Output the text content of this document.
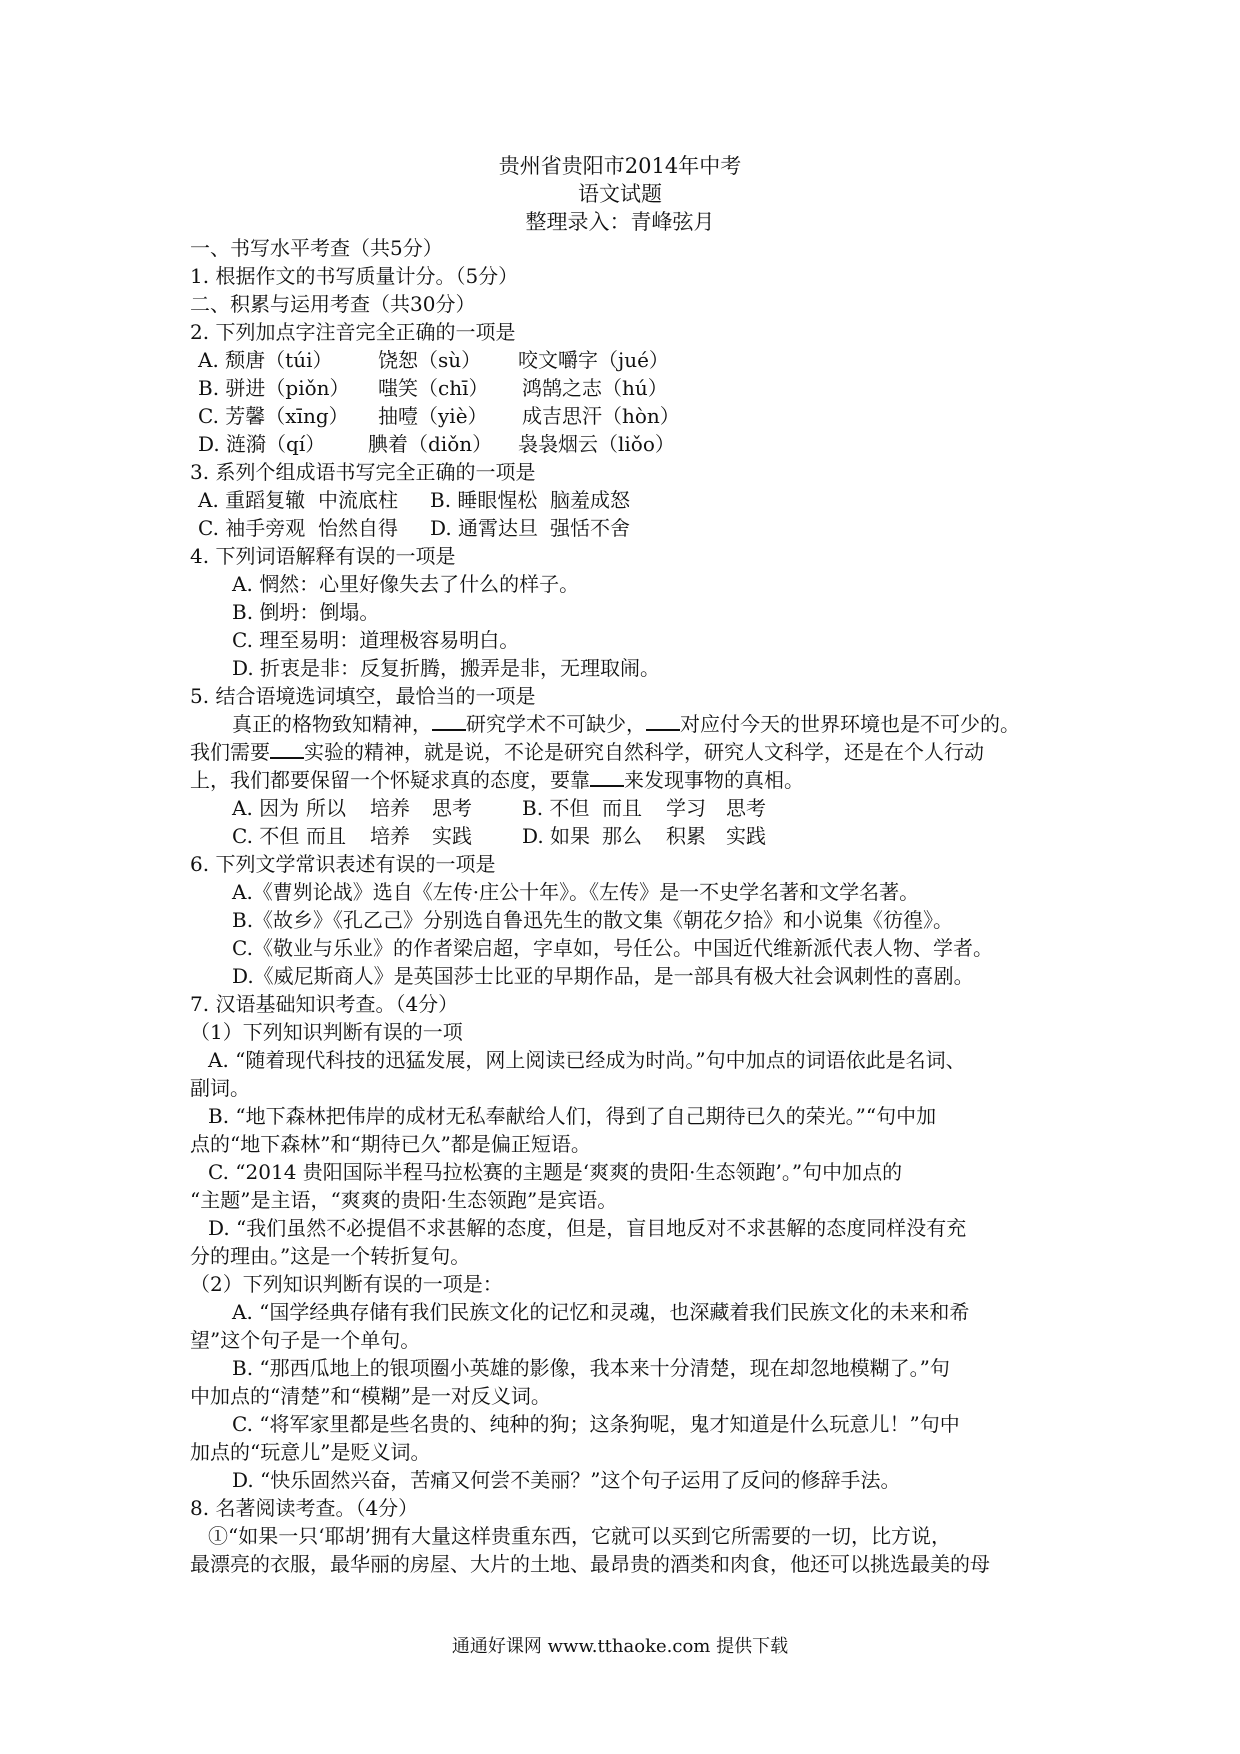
贵州省贵阳市2014年中考
语文试题
整理录入：青峰弦月
一、书写水平考查（共5分）
1. 根据作文的书写质量计分。（5分）
二、积累与运用考查（共30分）
2. 下列加点字注音完全正确的一项是
A. 颓唐（túi） 饶恕（sù） 咬文嚼字（jué）
B. 骈进（piǒn） 嗤笑（chī） 鸿鹄之志（hú）
C. 芳馨（xīng） 抽噎（yiè） 成吉思汗（hòn）
D. 涟漪（qí） 腆着（diǒn） 袅袅烟云（liǒo）
3. 系列个组成语书写完全正确的一项是
A. 重蹈复辙 中流底柱 B. 睡眼惺松 脑羞成怒
C. 袖手旁观 怡然自得 D. 通霄达旦 强恬不舍
4. 下列词语解释有误的一项是
A. 惘然：心里好像失去了什么的样子。
B. 倒坍：倒塌。
C. 理至易明：道理极容易明白。
D. 折衷是非：反复折腾，搬弄是非，无理取闹。
5. 结合语境选词填空，最恰当的一项是
真正的格物致知精神， 研究学术不可缺少， 对应付今天的世界环境也是不可少的。
我们需要 实验的精神，就是说，不论是研究自然科学，研究人文科学，还是在个人行动
上，我们都要保留一个怀疑求真的态度，要靠 来发现事物的真相。
A. 因为 所以 培养 思考	B. 不但 而且 学习 思考
C. 不但 而且 培养 实践	D. 如果 那么 积累 实践
6. 下列文学常识表述有误的一项是
A.《曹刿论战》选自《左传·庄公十年》。《左传》是一不史学名著和文学名著。
B.《故乡》《孔乙己》分别选自鲁迅先生的散文集《朝花夕拾》和小说集《彷徨》。
C.《敬业与乐业》的作者梁启超，字卓如，号任公。中国近代维新派代表人物、学者。
D.《威尼斯商人》是英国莎士比亚的早期作品，是一部具有极大社会讽刺性的喜剧。
7. 汉语基础知识考查。（4分）
（1）下列知识判断有误的一项
A. “随着现代科技的迅猛发展，网上阅读已经成为时尚。”句中加点的词语依此是名词、
副词。
B. “地下森林把伟岸的成材无私奉献给人们，得到了自己期待已久的荣光。”“句中加
点的“地下森林”和“期待已久”都是偏正短语。
C. “2014 贵阳国际半程马拉松赛的主题是‘爽爽的贵阳·生态领跑’。”句中加点的
“主题”是主语，“爽爽的贵阳·生态领跑”是宾语。
D. “我们虽然不必提倡不求甚解的态度，但是，盲目地反对不求甚解的态度同样没有充
分的理由。”这是一个转折复句。
（2）下列知识判断有误的一项是：
A. “国学经典存储有我们民族文化的记忆和灵魂，也深藏着我们民族文化的未来和希
望”这个句子是一个单句。
B. “那西瓜地上的银项圈小英雄的影像，我本来十分清楚，现在却忽地模糊了。”句
中加点的“清楚”和“模糊”是一对反义词。
C. “将军家里都是些名贵的、纯种的狗；这条狗呢，鬼才知道是什么玩意儿！”句中
加点的“玩意儿”是贬义词。
D. “快乐固然兴奋，苦痛又何尝不美丽？”这个句子运用了反问的修辞手法。
8. 名著阅读考查。（4分）
①“如果一只‘耶胡’拥有大量这样贵重东西，它就可以买到它所需要的一切，比方说，
最漂亮的衣服，最华丽的房屋、大片的土地、最昂贵的酒类和肉食，他还可以挑选最美的母
通通好课网 www.tthaoke.com 提供下载
